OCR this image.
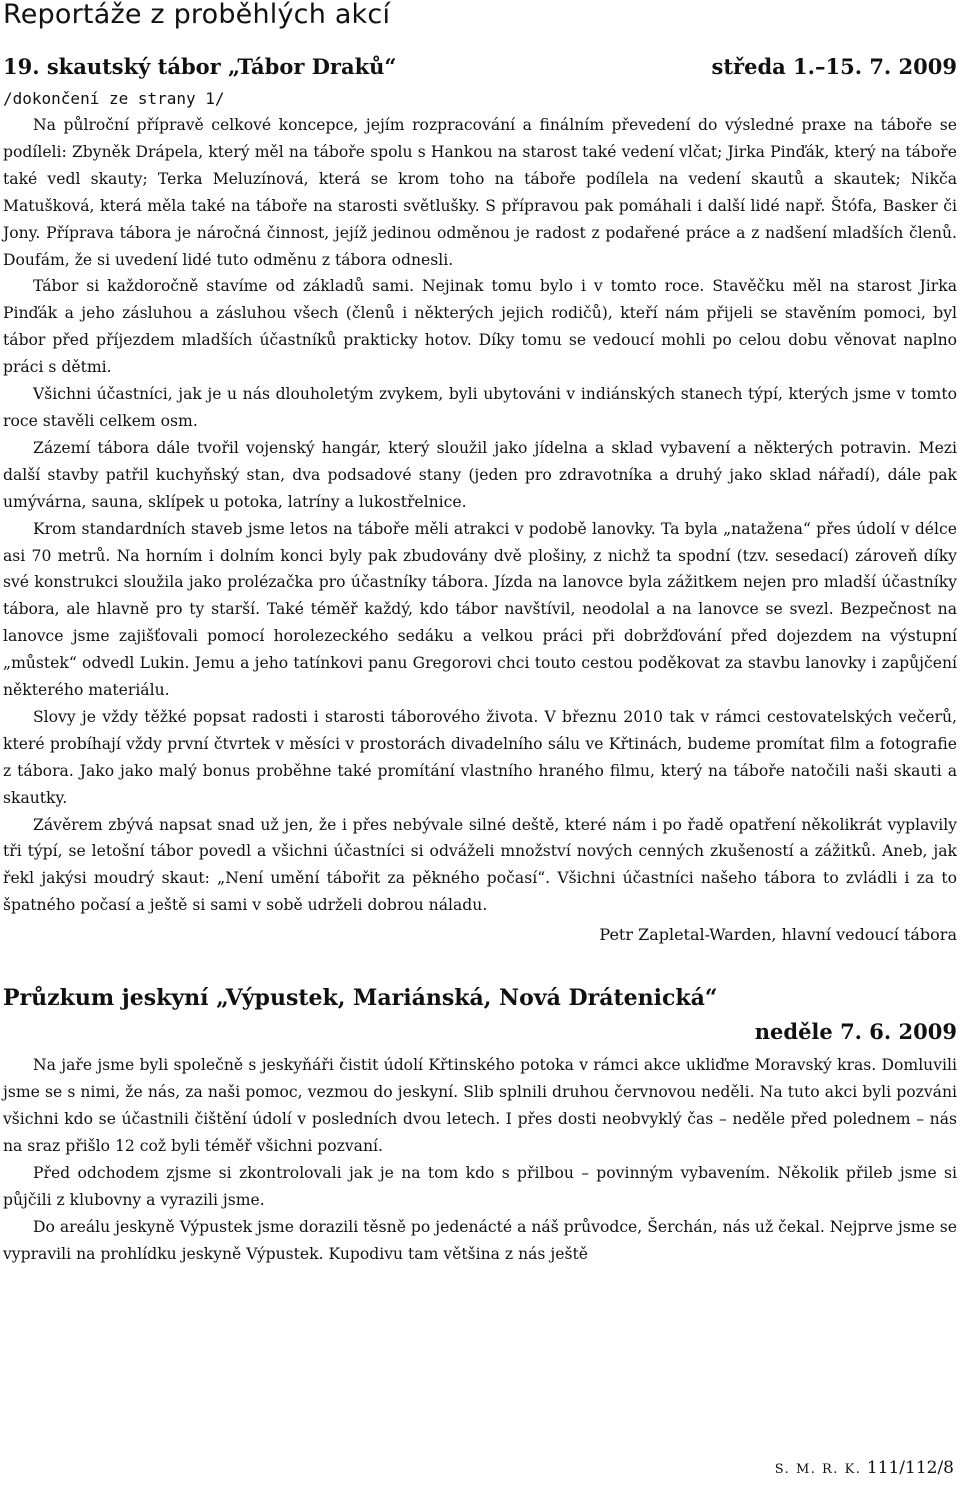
Reportáže z proběhlých akcí
19. skautský tábor „Tábor Draků“	středa 1.–15. 7. 2009
/dokončení ze strany 1/

Na půlroční přípravě celkové koncepce, jejím rozpracování a finálním převedení do výsledné praxe na táboře se podíleli: Zbyněk Drápela, který měl na táboře spolu s Hankou na starost také vedení vlčat; Jirka Pinďák, který na táboře také vedl skauty; Terka Meluzínová, která se krom toho na táboře podílela na vedení skautů a skautek; Nikča Matušková, která měla také na táboře na starosti světlušky. S přípravou pak pomáhali i další lidé např. Štófa, Basker či Jony. Příprava tábora je náročná činnost, jejíž jedinou odměnou je radost z podařené práce a z nadšení mladších členů. Doufám, že si uvedení lidé tuto odměnu z tábora odnesli.

Tábor si každoročně stavíme od základů sami. Nejinak tomu bylo i v tomto roce. Stavěčku měl na starost Jirka Pinďák a jeho zásluhou a zásluhou všech (členů i některých jejich rodičů), kteří nám přijeli se stavěním pomoci, byl tábor před příjezdem mladších účastníků prakticky hotov. Díky tomu se vedoucí mohli po celou dobu věnovat naplno práci s dětmi.

Všichni účastníci, jak je u nás dlouholetým zvykem, byli ubytováni v indiánských stanech týpí, kterých jsme v tomto roce stavěli celkem osm.

Zázemí tábora dále tvořil vojenský hangár, který sloužil jako jídelna a sklad vybavení a některých potravin. Mezi další stavby patřil kuchyňský stan, dva podsadové stany (jeden pro zdravotníka a druhý jako sklad nářadí), dále pak umývárna, sauna, sklípek u potoka, latríny a lukostřelnice.

Krom standardních staveb jsme letos na táboře měli atrakci v podobě lanovky. Ta byla „natažena“ přes údolí v délce asi 70 metrů. Na horním i dolním konci byly pak zbudovány dvě plošiny, z nichž ta spodní (tzv. sesedací) zároveň díky své konstrukci sloužila jako prolézačka pro účastníky tábora. Jízda na lanovce byla zážitkem nejen pro mladší účastníky tábora, ale hlavně pro ty starší. Také téměř každý, kdo tábor navštívil, neodolal a na lanovce se svezl. Bezpečnost na lanovce jsme zajišťovali pomocí horolezeckého sedáku a velkou práci při dobržďování před dojezdem na výstupní „můstek“ odvedl Lukin. Jemu a jeho tatínkovi panu Gregorovi chci touto cestou poděkovat za stavbu lanovky i zapůjčení některého materiálu.

Slovy je vždy těžké popsat radosti i starosti táborového života. V březnu 2010 tak v rámci cestovatelských večerů, které probíhají vždy první čtvrtek v měsíci v prostorách divadelního sálu ve Křtinách, budeme promítat film a fotografie z tábora. Jako jako malý bonus proběhne také promítání vlastního hraného filmu, který na táboře natočili naši skauti a skautky.

Závěrem zbývá napsat snad už jen, že i přes nebývale silné deště, které nám i po řadě opatření několikrát vyplavily tři týpí, se letošní tábor povedl a všichni účastníci si odváželi množství nových cenných zkušeností a zážitků. Aneb, jak řekl jakýsi moudrý skaut: „Není umění tábořit za pěkného počasí“. Všichni účastníci našeho tábora to zvládli i za to špatného počasí a ještě si sami v sobě udrželi dobrou náladu.

Petr Zapletal-Warden, hlavní vedoucí tábora
Průzkum jeskyní „Výpustek, Mariánská, Nová Drátenická“
neděle 7. 6. 2009

Na jaře jsme byli společně s jeskyňáři čistit údolí Křtinského potoka v rámci akce ukliďme Moravský kras. Domluvili jsme se s nimi, že nás, za naši pomoc, vezmou do jeskyní. Slib splnili druhou červnovou neděli. Na tuto akci byli pozváni všichni kdo se účastnili čištění údolí v posledních dvou letech. I přes dosti neobvyklý čas – neděle před polednem – nás na sraz přišlo 12 což byli téměř všichni pozvaní.

Před odchodem zjsme si zkontrolovali jak je na tom kdo s přilbou – povinným vybavením. Několik přileb jsme si půjčili z klubovny a vyrazili jsme.

Do areálu jeskyně Výpustek jsme dorazili těsně po jedenácté a náš průvodce, Šerchán, nás už čekal. Nejprve jsme se vypravili na prohlídku jeskyně Výpustek. Kupodivu tam většina z nás ještě

S. M. R. K. 111/112/8
